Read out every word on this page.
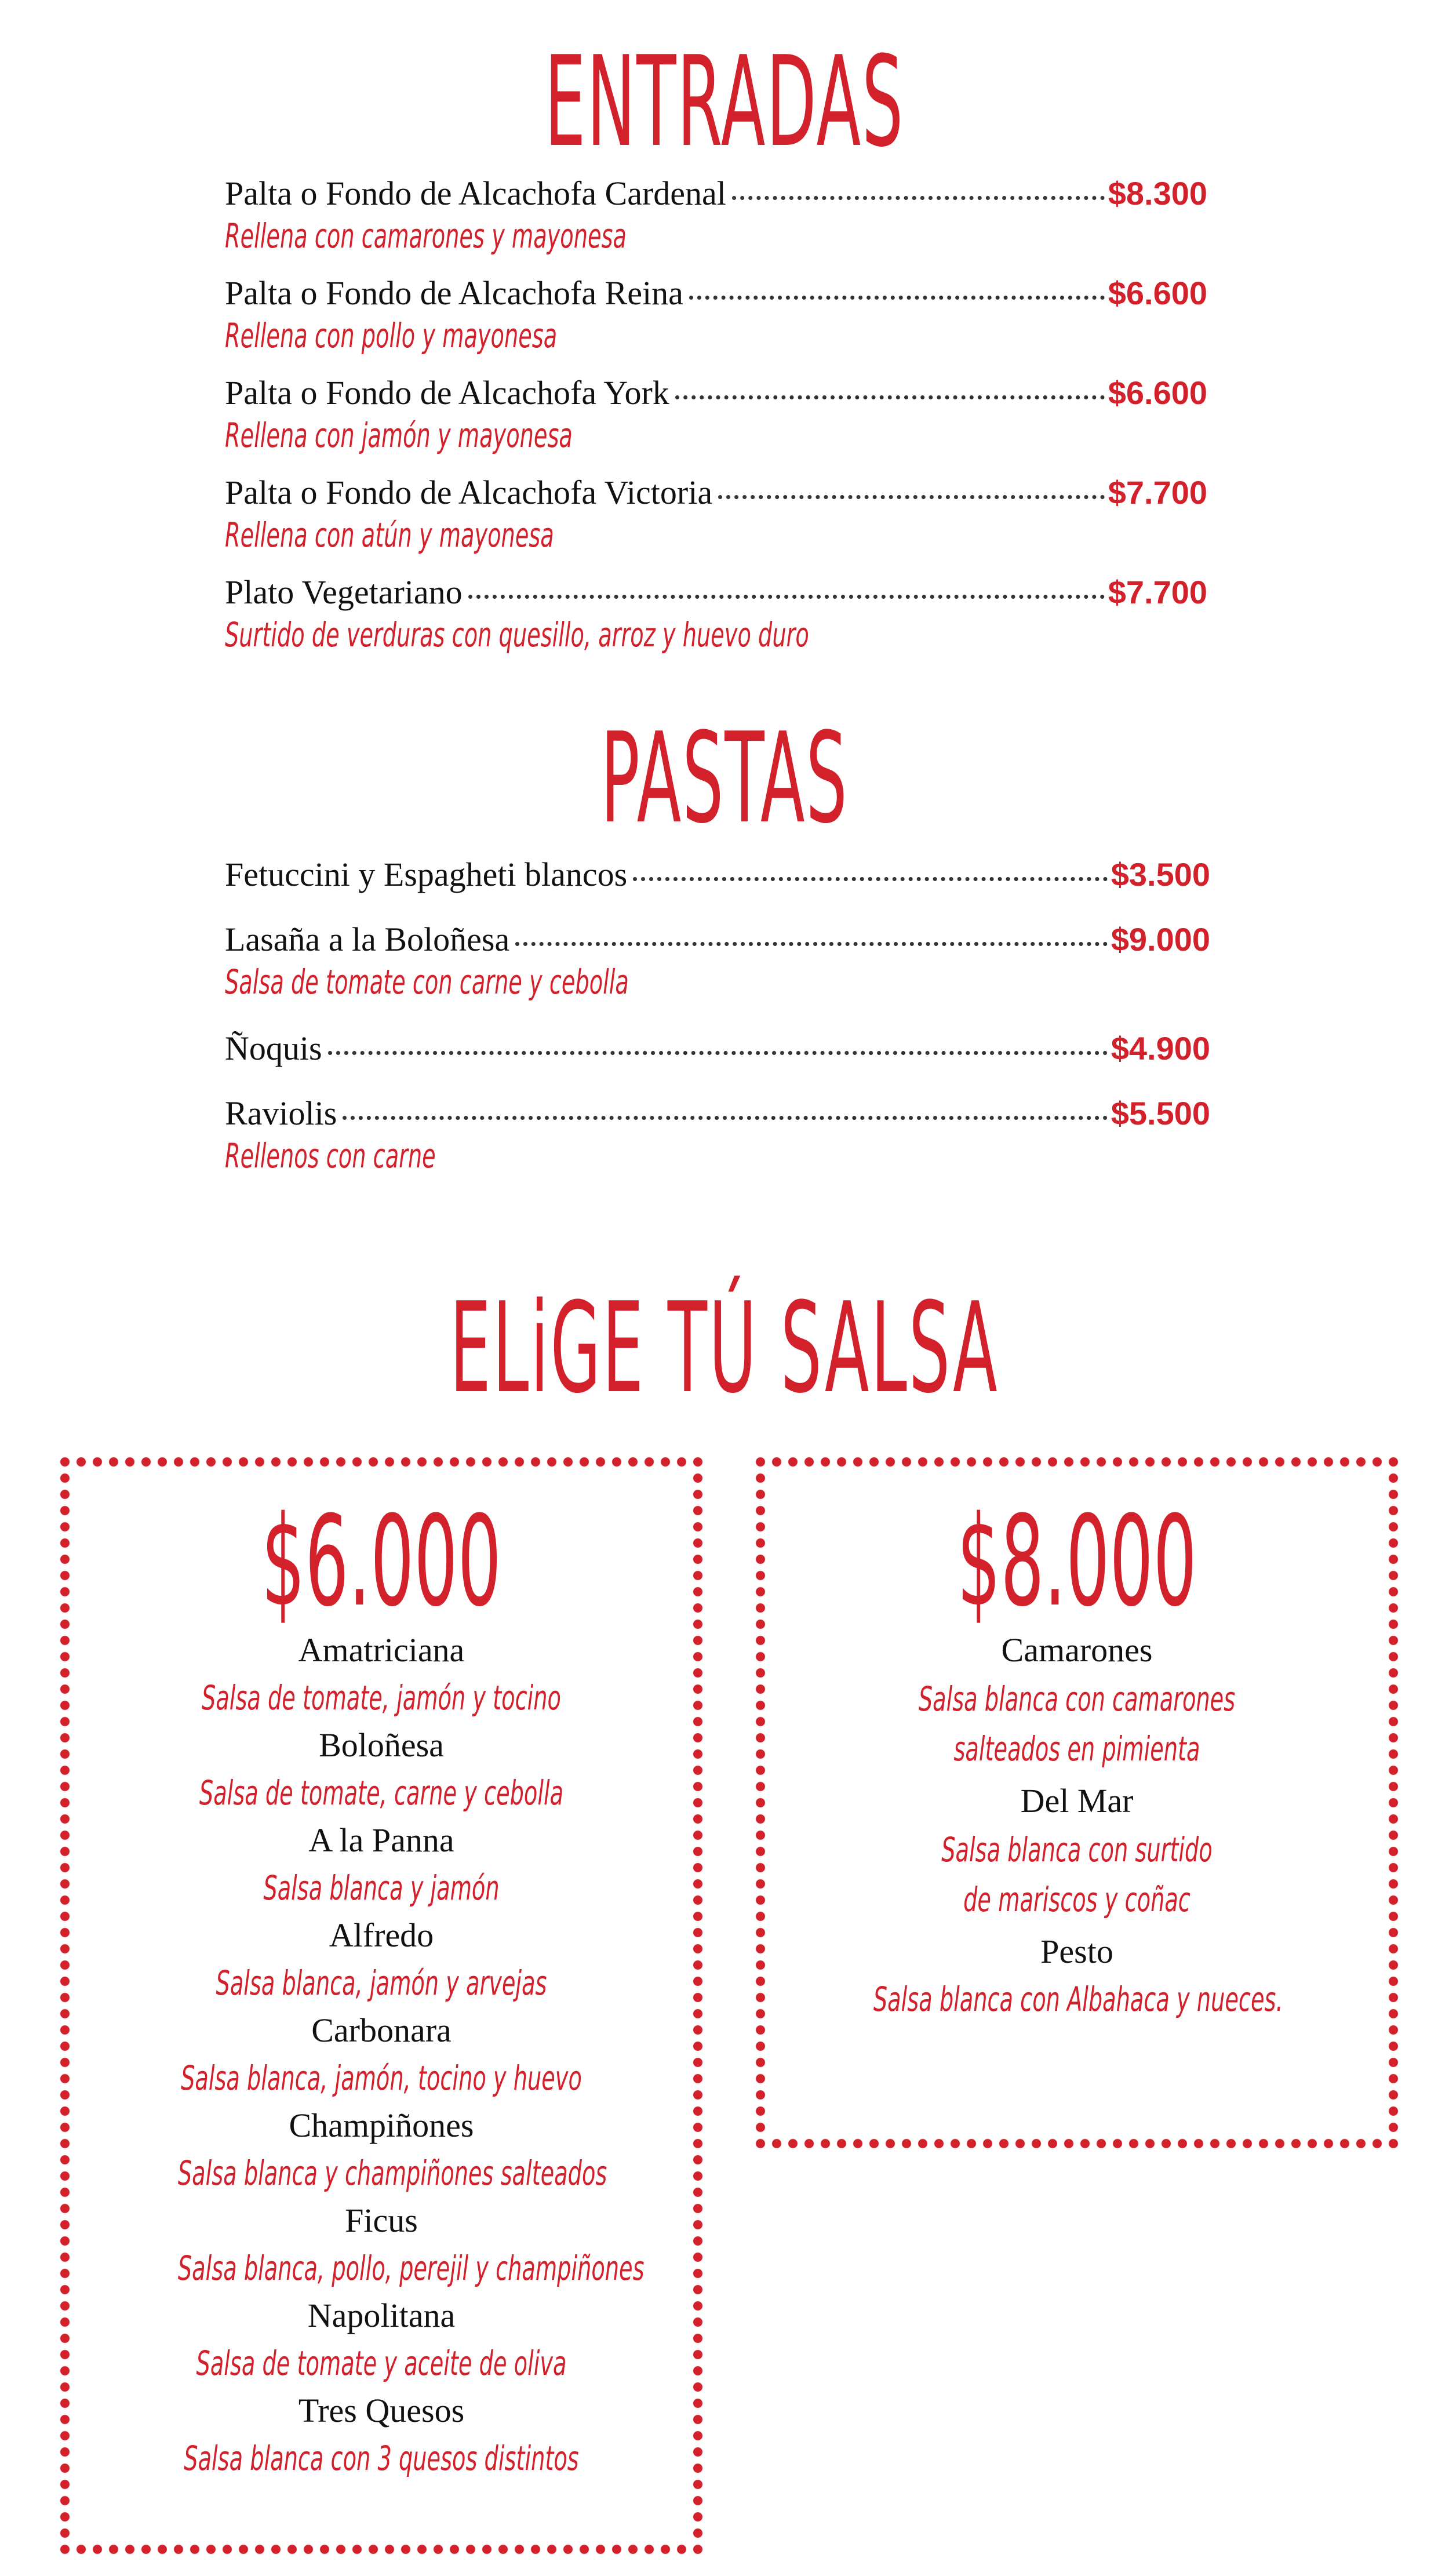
ENTRADAS
Palta o Fondo de Alcachofa Cardenal	$8.300
Rellena con camarones y mayonesa
Palta o Fondo de Alcachofa Reina	$6.600
Rellena con pollo y mayonesa
Palta o Fondo de Alcachofa York	$6.600
Rellena con jamón y mayonesa
Palta o Fondo de Alcachofa Victoria	$7.700
Rellena con atún y mayonesa
Plato Vegetariano	$7.700
Surtido de verduras con quesillo, arroz y huevo duro
PASTAS
Fetuccini y Espagheti blancos	$3.500
Lasaña a la Boloñesa	$9.000
Salsa de tomate con carne y cebolla
Ñoquis	$4.900
Raviolis	$5.500
Rellenos con carne
ELiGE TÚ SALSA
$6.000
Amatriciana
Salsa de tomate, jamón y tocino
Boloñesa
Salsa de tomate, carne y cebolla
A la Panna
Salsa blanca y jamón
Alfredo
Salsa blanca, jamón y arvejas
Carbonara
Salsa blanca, jamón, tocino y huevo
Champiñones
Salsa blanca y champiñones salteados
Ficus
Salsa blanca, pollo, perejil y champiñones
Napolitana
Salsa de tomate y aceite de oliva
Tres Quesos
Salsa blanca con 3 quesos distintos
$8.000
Camarones
Salsa blanca con camarones
salteados en pimienta
Del Mar
Salsa blanca con surtido
de mariscos y coñac
Pesto
Salsa blanca con Albahaca y nueces.
